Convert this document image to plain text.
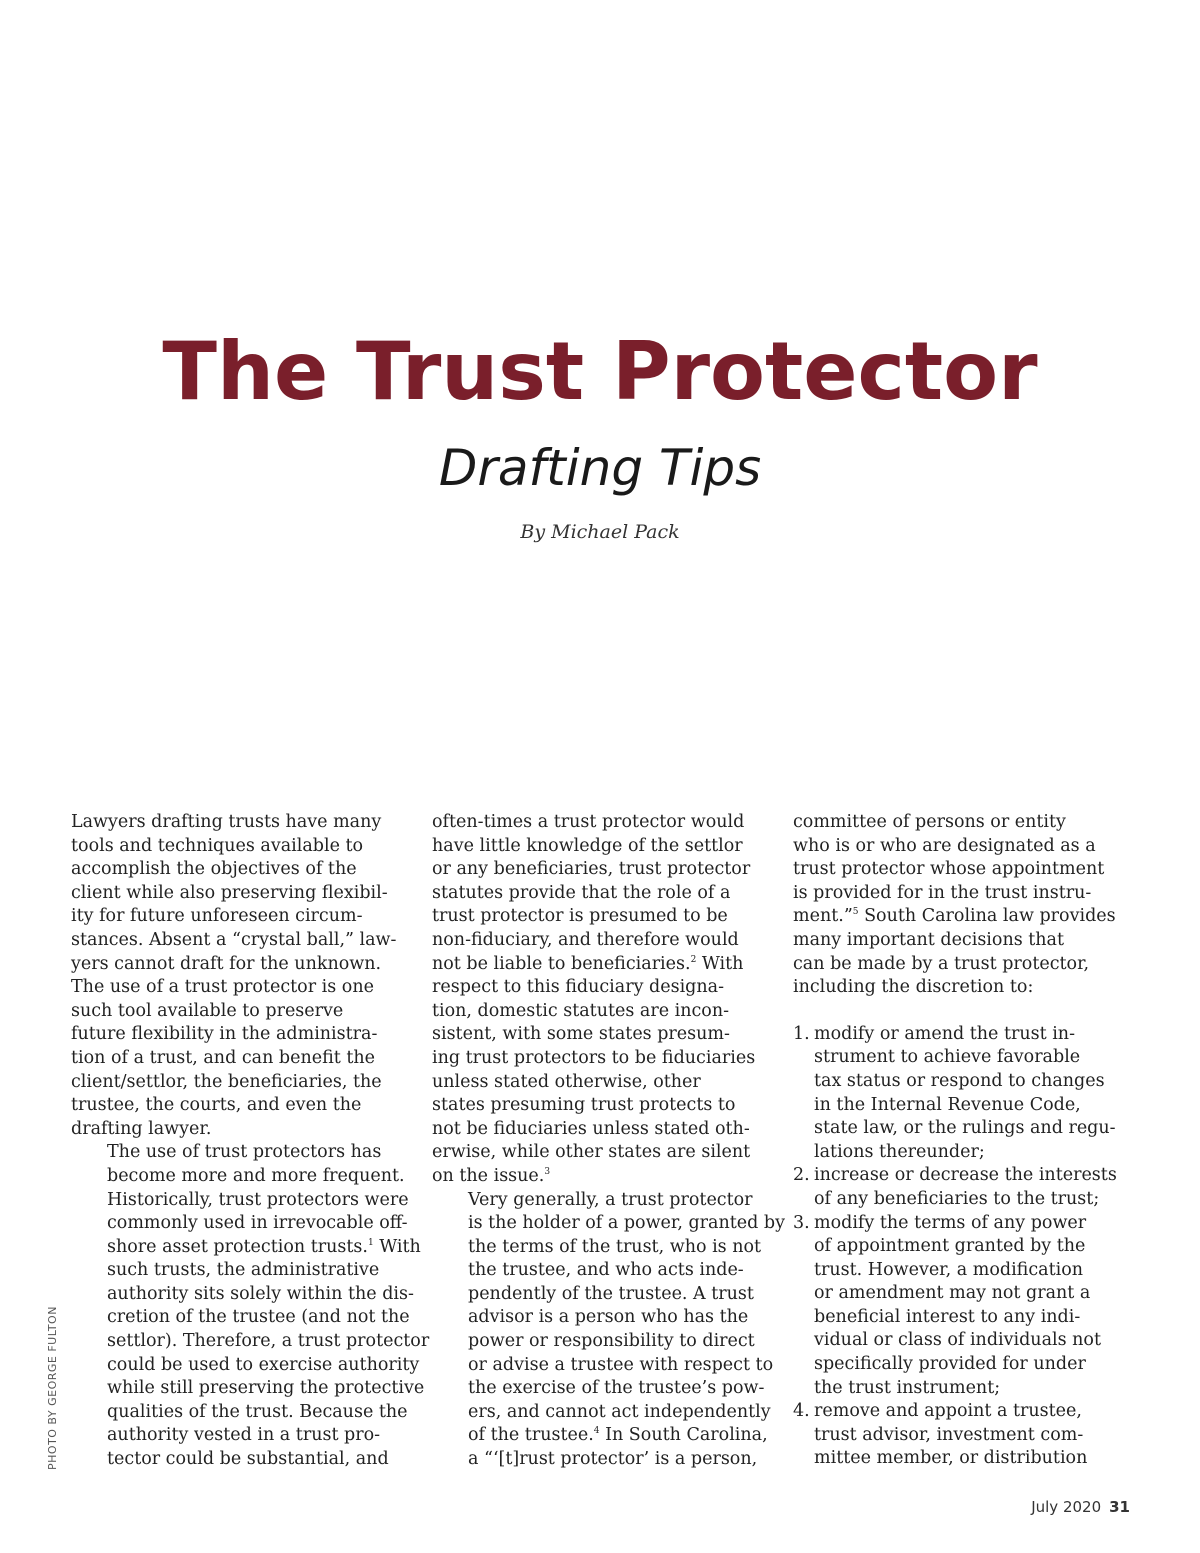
The Trust Protector
Drafting Tips
By Michael Pack
PHOTO BY GEORGE FULTON

Lawyers drafting trusts have many
tools and techniques available to
accomplish the objectives of the
client while also preserving flexibil-
ity for future unforeseen circum-
stances. Absent a “crystal ball,” law-
yers cannot draft for the unknown.
The use of a trust protector is one
such tool available to preserve
future flexibility in the administra-
tion of a trust, and can benefit the
client/settlor, the beneficiaries, the
trustee, the courts, and even the
drafting lawyer.

The use of trust protectors has
become more and more frequent.
Historically, trust protectors were
commonly used in irrevocable off-
shore asset protection trusts.$^1$ With
such trusts, the administrative
authority sits solely within the dis-
cretion of the trustee (and not the
settlor). Therefore, a trust protector
could be used to exercise authority
while still preserving the protective
qualities of the trust. Because the
authority vested in a trust pro-
tector could be substantial, and

often-times a trust protector would
have little knowledge of the settlor
or any beneficiaries, trust protector
statutes provide that the role of a
trust protector is presumed to be
non-fiduciary, and therefore would
not be liable to beneficiaries.$^2$ With
respect to this fiduciary designa-
tion, domestic statutes are incon-
sistent, with some states presum-
ing trust protectors to be fiduciaries
unless stated otherwise, other
states presuming trust protects to
not be fiduciaries unless stated oth-
erwise, while other states are silent
on the issue.$^3$

Very generally, a trust protector
is the holder of a power, granted by
the terms of the trust, who is not
the trustee, and who acts inde-
pendently of the trustee. A trust
advisor is a person who has the
power or responsibility to direct
or advise a trustee with respect to
the exercise of the trustee’s pow-
ers, and cannot act independently
of the trustee.$^4$ In South Carolina,
a “‘[t]rust protector’ is a person,

committee of persons or entity
who is or who are designated as a
trust protector whose appointment
is provided for in the trust instru-
ment.”$^5$ South Carolina law provides
many important decisions that
can be made by a trust protector,
including the discretion to:

1. modify or amend the trust in-
strument to achieve favorable
tax status or respond to changes
in the Internal Revenue Code,
state law, or the rulings and regu-
lations thereunder;
2. increase or decrease the interests
of any beneficiaries to the trust;
3. modify the terms of any power
of appointment granted by the
trust. However, a modification
or amendment may not grant a
beneficial interest to any indi-
vidual or class of individuals not
specifically provided for under
the trust instrument;
4. remove and appoint a trustee,
trust advisor, investment com-
mittee member, or distribution
July 2020 31
